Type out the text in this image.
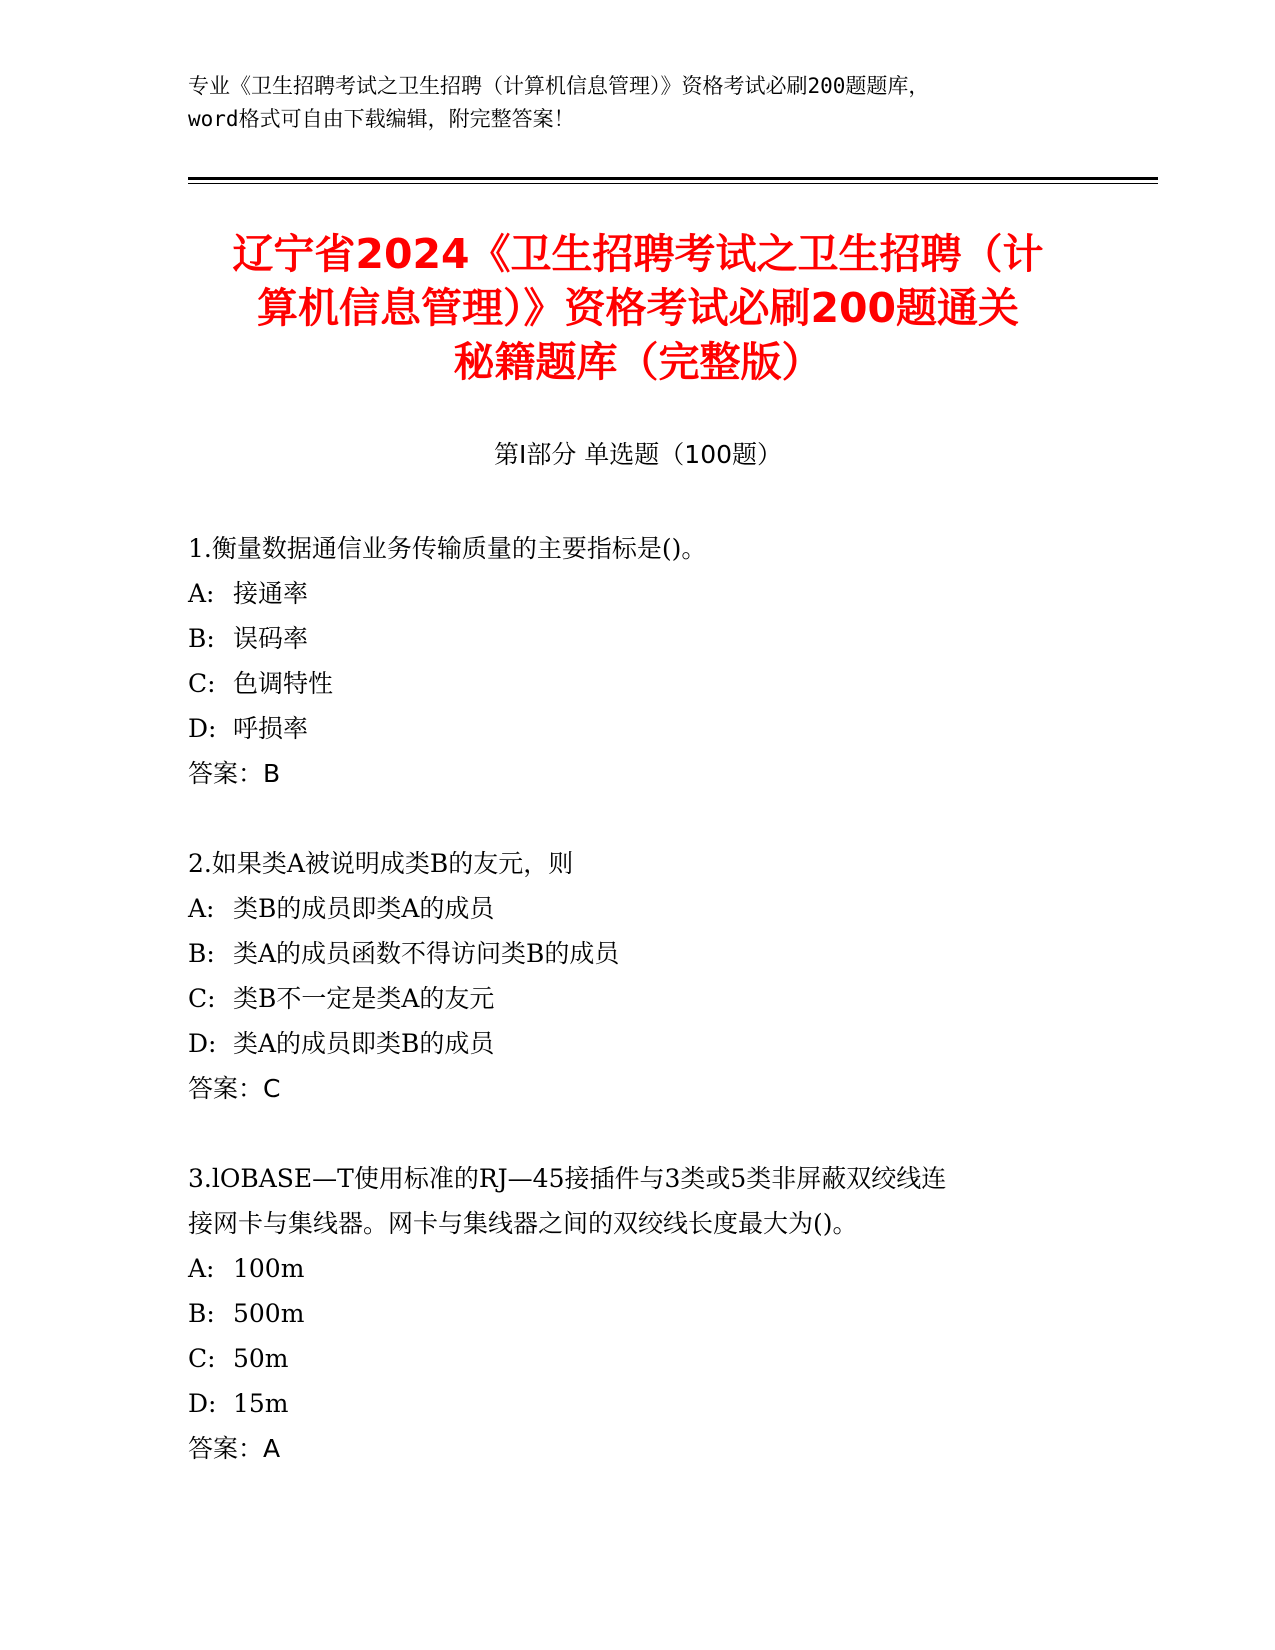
专业《卫生招聘考试之卫生招聘（计算机信息管理）》资格考试必刷200题题库，
word格式可自由下载编辑，附完整答案！
辽宁省2024《卫生招聘考试之卫生招聘（计
算机信息管理）》资格考试必刷200题通关
秘籍题库（完整版）
第Ⅰ部分 单选题（100题）
1.衡量数据通信业务传输质量的主要指标是()。
A: 接通率
B: 误码率
C: 色调特性
D: 呼损率
答案：B
2.如果类A被说明成类B的友元，则
A: 类B的成员即类A的成员
B: 类A的成员函数不得访问类B的成员
C: 类B不一定是类A的友元
D: 类A的成员即类B的成员
答案：C
3.lOBASE—T使用标准的RJ—45接插件与3类或5类非屏蔽双绞线连
接网卡与集线器。网卡与集线器之间的双绞线长度最大为()。
A: 100m
B: 500m
C: 50m
D: 15m
答案：A
